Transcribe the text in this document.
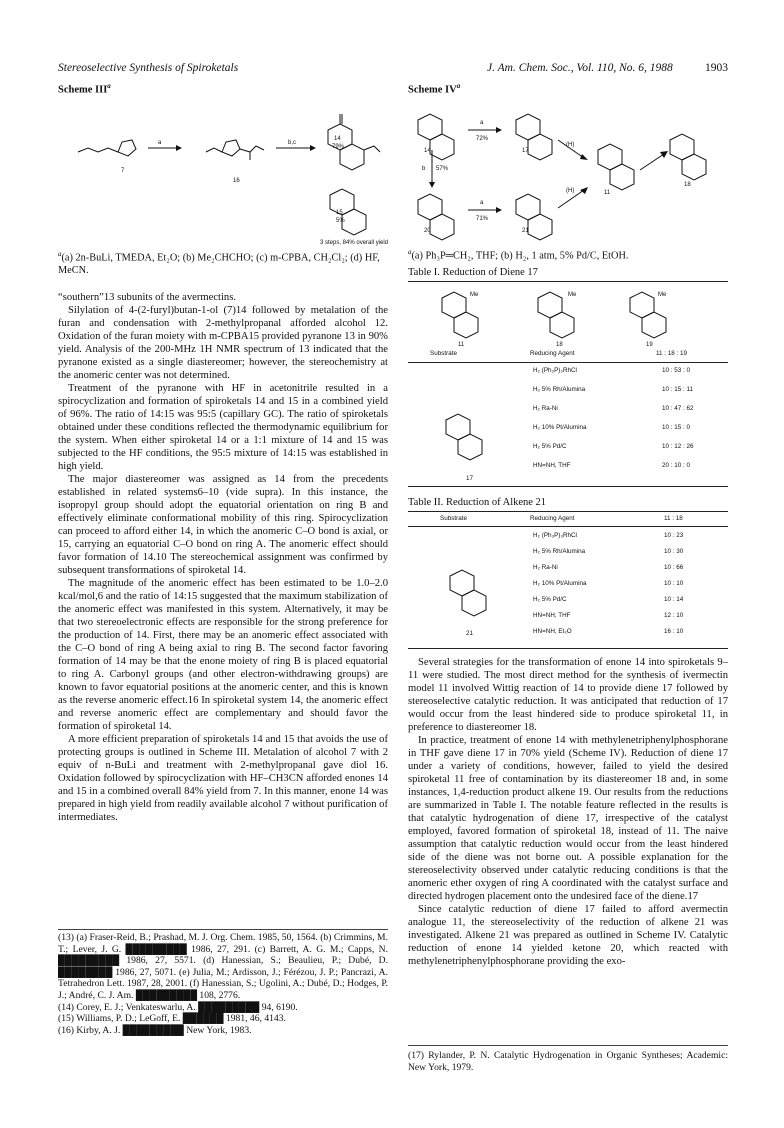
Stereoselective Synthesis of Spiroketals	J. Am. Chem. Soc., Vol. 110, No. 6, 1988	1903
Scheme III$^a$
7
16
14
79%
15
5%
a	b,c
3 steps, 84% overall yield
$^a$(a) 2n-BuLi, TMEDA, Et₂O; (b) Me₂CHCHO; (c) m-CPBA, CH₂Cl₂; (d) HF, MeCN.
Scheme $IV^a$
14	17
20	21
11
18
a
72%
b 57%
a
71%
(H)
(H)
$^a$(a) Ph₃P═CH₂, THF; (b) H₂, 1 atm, 5% Pd/C, EtOH.
Table I. Reduction of Diene 17
Me	Me	Me
11	18	19
Substrate	Reducing Agent	11 : 18 : 19
17
H₂ (Ph₃P)₃RhCl	10 : 53 : 0
H₂ 5% Rh/Alumina	10 : 15 : 11
H₂ Ra-Ni	10 : 47 : 62
H₂ 10% Pt/Alumina	10 : 15 : 0
H₂ 5% Pd/C	10 : 12 : 26
HN=NH, THF	20 : 10 : 0
Table II. Reduction of Alkene 21
Substrate	Reducing Agent	11 : 18
21
H₂ (Ph₃P)₃RhCl	10 : 23
H₂ 5% Rh/Alumina	10 : 30
H₂ Ra-Ni	10 : 66
H₂ 10% Pt/Alumina	10 : 10
H₂ 5% Pd/C	10 : 14
HN=NH, THF	12 : 10
HN=NH, Et₂O	16 : 10

“southern”13 subunits of the avermectins.

Silylation of 4-(2-furyl)butan-1-ol (7)14 followed by metalation of the furan and condensation with 2-methylpropanal afforded alcohol 12. Oxidation of the furan moiety with m-CPBA15 provided pyranone 13 in 90% yield. Analysis of the 200-MHz 1H NMR spectrum of 13 indicated that the pyranone existed as a single diastereomer; however, the stereochemistry at the anomeric center was not determined.

Treatment of the pyranone with HF in acetonitrile resulted in a spirocyclization and formation of spiroketals 14 and 15 in a combined yield of 96%. The ratio of 14:15 was 95:5 (capillary GC). The ratio of spiroketals obtained under these conditions reflected the thermodynamic equilibrium for the system. When either spiroketal 14 or a 1:1 mixture of 14 and 15 was subjected to the HF conditions, the 95:5 mixture of 14:15 was established in high yield.

The major diastereomer was assigned as 14 from the precedents established in related systems6–10 (vide supra). In this instance, the isopropyl group should adopt the equatorial orientation on ring B and effectively eliminate conformational mobility of this ring. Spirocyclization can proceed to afford either 14, in which the anomeric C–O bond is axial, or 15, carrying an equatorial C–O bond on ring A. The anomeric effect should favor formation of 14.10 The stereochemical assignment was confirmed by subsequent transformations of spiroketal 14.

The magnitude of the anomeric effect has been estimated to be 1.0–2.0 kcal/mol,6 and the ratio of 14:15 suggested that the maximum stabilization of the anomeric effect was manifested in this system. Alternatively, it may be that two stereoelectronic effects are responsible for the strong preference for the production of 14. First, there may be an anomeric effect associated with the C–O bond of ring A being axial to ring B. The second factor favoring formation of 14 may be that the enone moiety of ring B is placed equatorial to ring A. Carbonyl groups (and other electron-withdrawing groups) are known to favor equatorial positions at the anomeric center, and this is known as the reverse anomeric effect.16 In spiroketal system 14, the anomeric effect and reverse anomeric effect are complementary and should favor the formation of spiroketal 14.

A more efficient preparation of spiroketals 14 and 15 that avoids the use of protecting groups is outlined in Scheme III. Metalation of alcohol 7 with 2 equiv of n-BuLi and treatment with 2-methylpropanal gave diol 16. Oxidation followed by spirocyclization with HF–CH3CN afforded enones 14 and 15 in a combined overall 84% yield from 7. In this manner, enone 14 was prepared in high yield from readily available alcohol 7 without purification of intermediates.

(13) (a) Fraser-Reid, B.; Prashad, M. J. Org. Chem. 1985, 50, 1564. (b) Crimmins, M. T.; Lever, J. G. █████████ 1986, 27, 291. (c) Barrett, A. G. M.; Capps, N. █████████ 1986, 27, 5571. (d) Hanessian, S.; Beaulieu, P.; Dubé, D. ████████ 1986, 27, 5071. (e) Julia, M.; Ardisson, J.; Férézou, J. P.; Pancrazi, A. Tetrahedron Lett. 1987, 28, 2001. (f) Hanessian, S.; Ugolini, A.; Dubé, D.; Hodges, P. J.; André, C. J. Am. █████████ 108, 2776.
(14) Corey, E. J.; Venkateswarlu, A. █████████ 94, 6190.
(15) Williams, P. D.; LeGoff, E. ██████ 1981, 46, 4143.
(16) Kirby, A. J. █████████ New York, 1983.

Several strategies for the transformation of enone 14 into spiroketals 9–11 were studied. The most direct method for the synthesis of ivermectin model 11 involved Wittig reaction of 14 to provide diene 17 followed by stereoselective catalytic reduction. It was anticipated that reduction of 17 would occur from the least hindered side to produce spiroketal 11, in preference to diastereomer 18.

In practice, treatment of enone 14 with methylenetriphenylphosphorane in THF gave diene 17 in 70% yield (Scheme IV). Reduction of diene 17 under a variety of conditions, however, failed to yield the desired spiroketal 11 free of contamination by its diastereomer 18 and, in some instances, 1,4-reduction product alkene 19. Our results from the reductions are summarized in Table I. The notable feature reflected in the results is that catalytic hydrogenation of diene 17, irrespective of the catalyst employed, favored formation of spiroketal 18, instead of 11. The naive assumption that catalytic reduction would occur from the least hindered side of the diene was not borne out. A possible explanation for the stereoselectivity observed under catalytic reducing conditions is that the anomeric ether oxygen of ring A coordinated with the catalyst surface and directed hydrogen placement onto the undesired face of the diene.17

Since catalytic reduction of diene 17 failed to afford avermectin analogue 11, the stereoselectivity of the reduction of alkene 21 was investigated. Alkene 21 was prepared as outlined in Scheme IV. Catalytic reduction of enone 14 yielded ketone 20, which reacted with methylenetriphenylphosphorane providing the exo-

(17) Rylander, P. N. Catalytic Hydrogenation in Organic Syntheses; Academic: New York, 1979.
